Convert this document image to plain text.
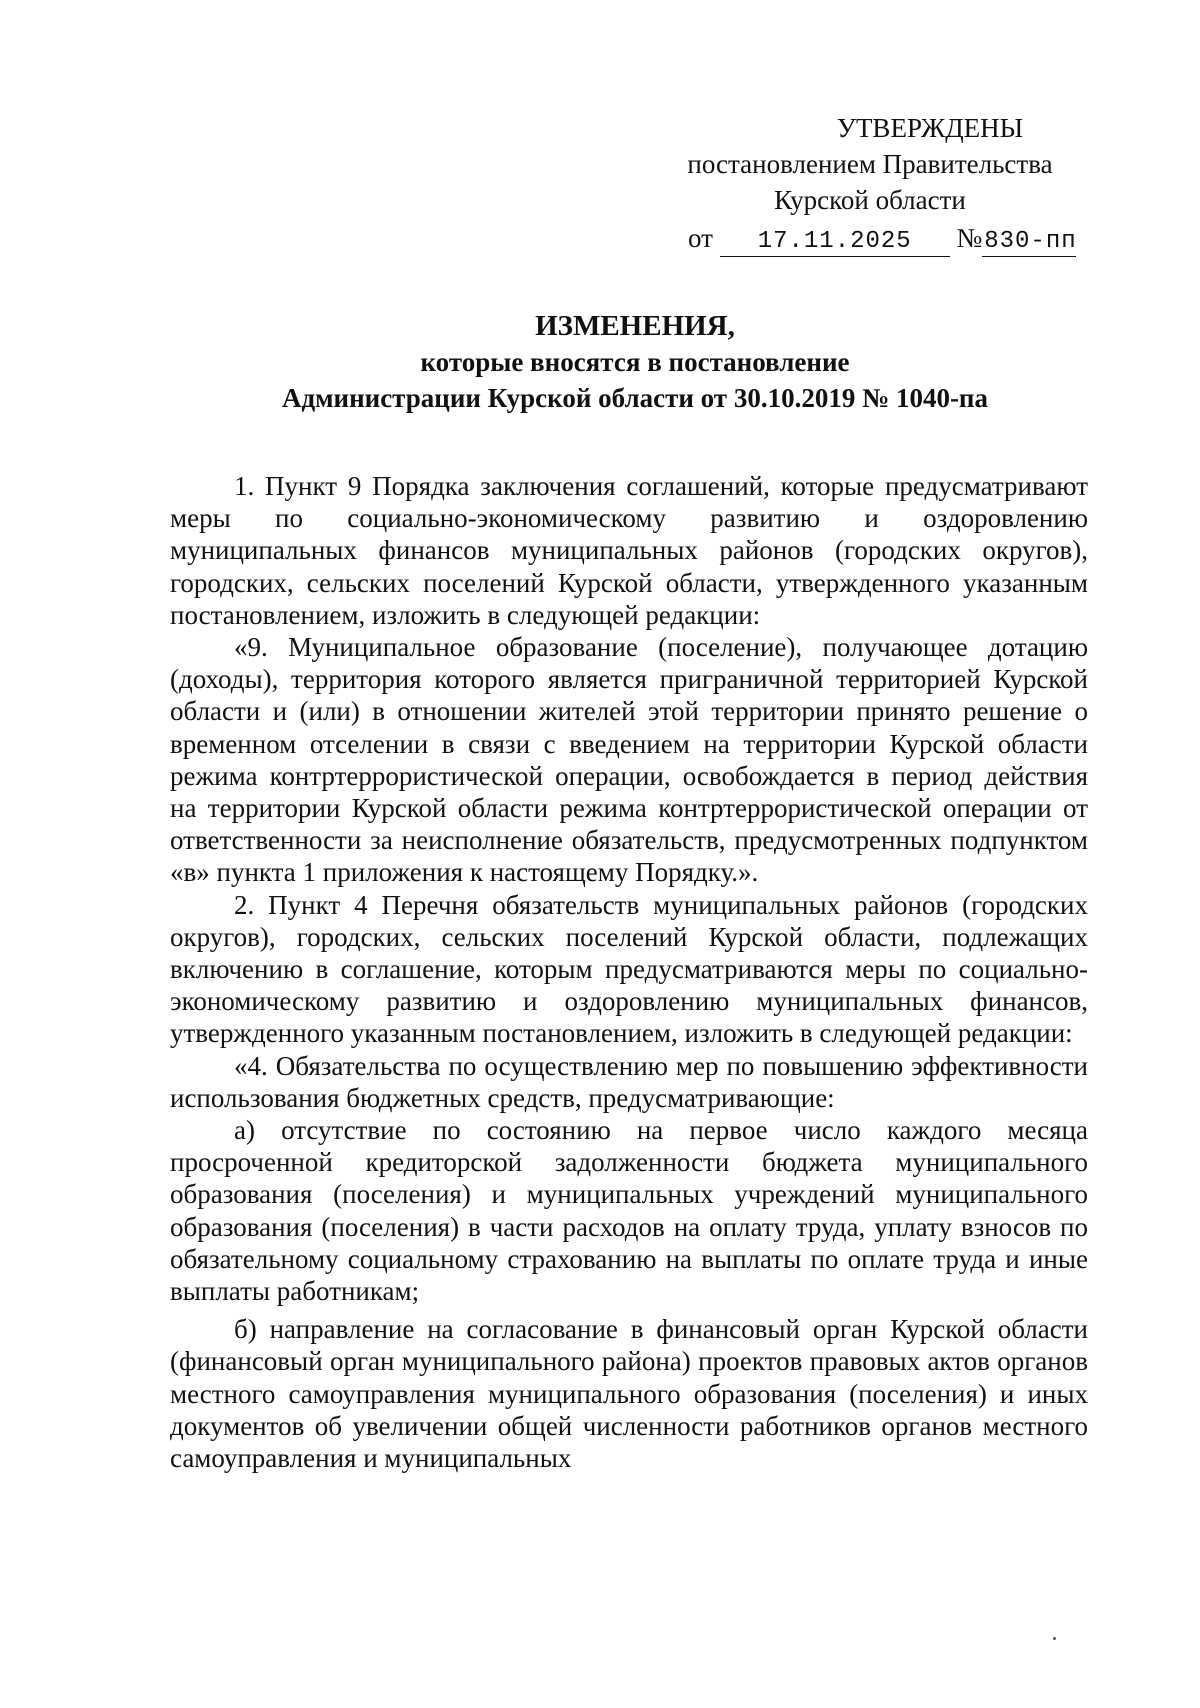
УТВЕРЖДЕНЫ
постановлением Правительства
Курской области
от 17.11.2025 №830-пп
ИЗМЕНЕНИЯ,
которые вносятся в постановление
Администрации Курской области от 30.10.2019 № 1040-па

1. Пункт 9 Порядка заключения соглашений, которые предусматривают меры по социально-экономическому развитию и оздоровлению муниципальных финансов муниципальных районов (городских округов), городских, сельских поселений Курской области, утвержденного указанным постановлением, изложить в следующей редакции:

«9. Муниципальное образование (поселение), получающее дотацию (доходы), территория которого является приграничной территорией Курской области и (или) в отношении жителей этой территории принято решение о временном отселении в связи с введением на территории Курской области режима контртеррористической операции, освобождается в период действия на территории Курской области режима контртеррористической операции от ответственности за неисполнение обязательств, предусмотренных подпунктом «в» пункта 1 приложения к настоящему Порядку.».

2. Пункт 4 Перечня обязательств муниципальных районов (городских округов), городских, сельских поселений Курской области, подлежащих включению в соглашение, которым предусматриваются меры по социально-экономическому развитию и оздоровлению муниципальных финансов, утвержденного указанным постановлением, изложить в следующей редакции:

«4. Обязательства по осуществлению мер по повышению эффективности использования бюджетных средств, предусматривающие:

а) отсутствие по состоянию на первое число каждого месяца просроченной кредиторской задолженности бюджета муниципального образования (поселения) и муниципальных учреждений муниципального образования (поселения) в части расходов на оплату труда, уплату взносов по обязательному социальному страхованию на выплаты по оплате труда и иные выплаты работникам;

б) направление на согласование в финансовый орган Курской области (финансовый орган муниципального района) проектов правовых актов органов местного самоуправления муниципального образования (поселения) и иных документов об увеличении общей численности работников органов местного самоуправления и муниципальных
